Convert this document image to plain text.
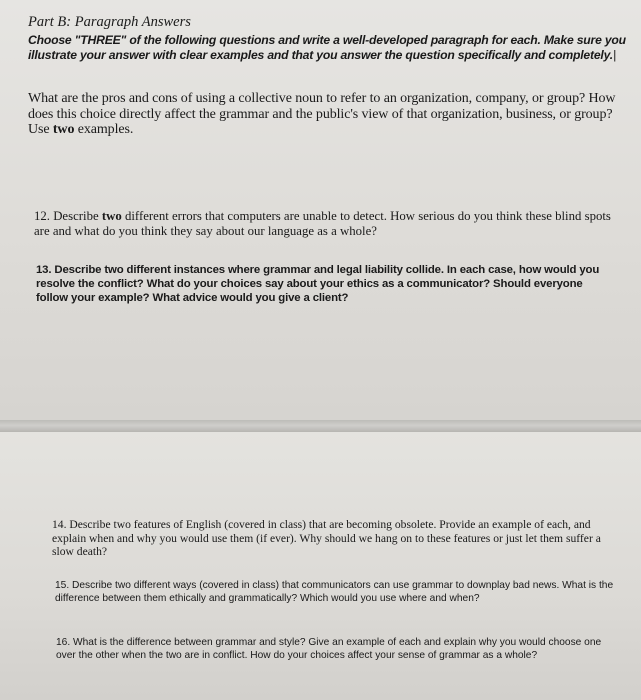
Part B: Paragraph Answers
Choose "THREE" of the following questions and write a well-developed paragraph for each. Make sure you illustrate your answer with clear examples and that you answer the question specifically and completely.|
What are the pros and cons of using a collective noun to refer to an organization, company, or group? How does this choice directly affect the grammar and the public's view of that organization, business, or group? Use two examples.
12. Describe two different errors that computers are unable to detect. How serious do you think these blind spots are and what do you think they say about our language as a whole?
13. Describe two different instances where grammar and legal liability collide. In each case, how would you resolve the conflict? What do your choices say about your ethics as a communicator? Should everyone follow your example? What advice would you give a client?
14. Describe two features of English (covered in class) that are becoming obsolete. Provide an example of each, and explain when and why you would use them (if ever). Why should we hang on to these features or just let them suffer a slow death?
15. Describe two different ways (covered in class) that communicators can use grammar to downplay bad news. What is the difference between them ethically and grammatically? Which would you use where and when?
16. What is the difference between grammar and style? Give an example of each and explain why you would choose one over the other when the two are in conflict. How do your choices affect your sense of grammar as a whole?
